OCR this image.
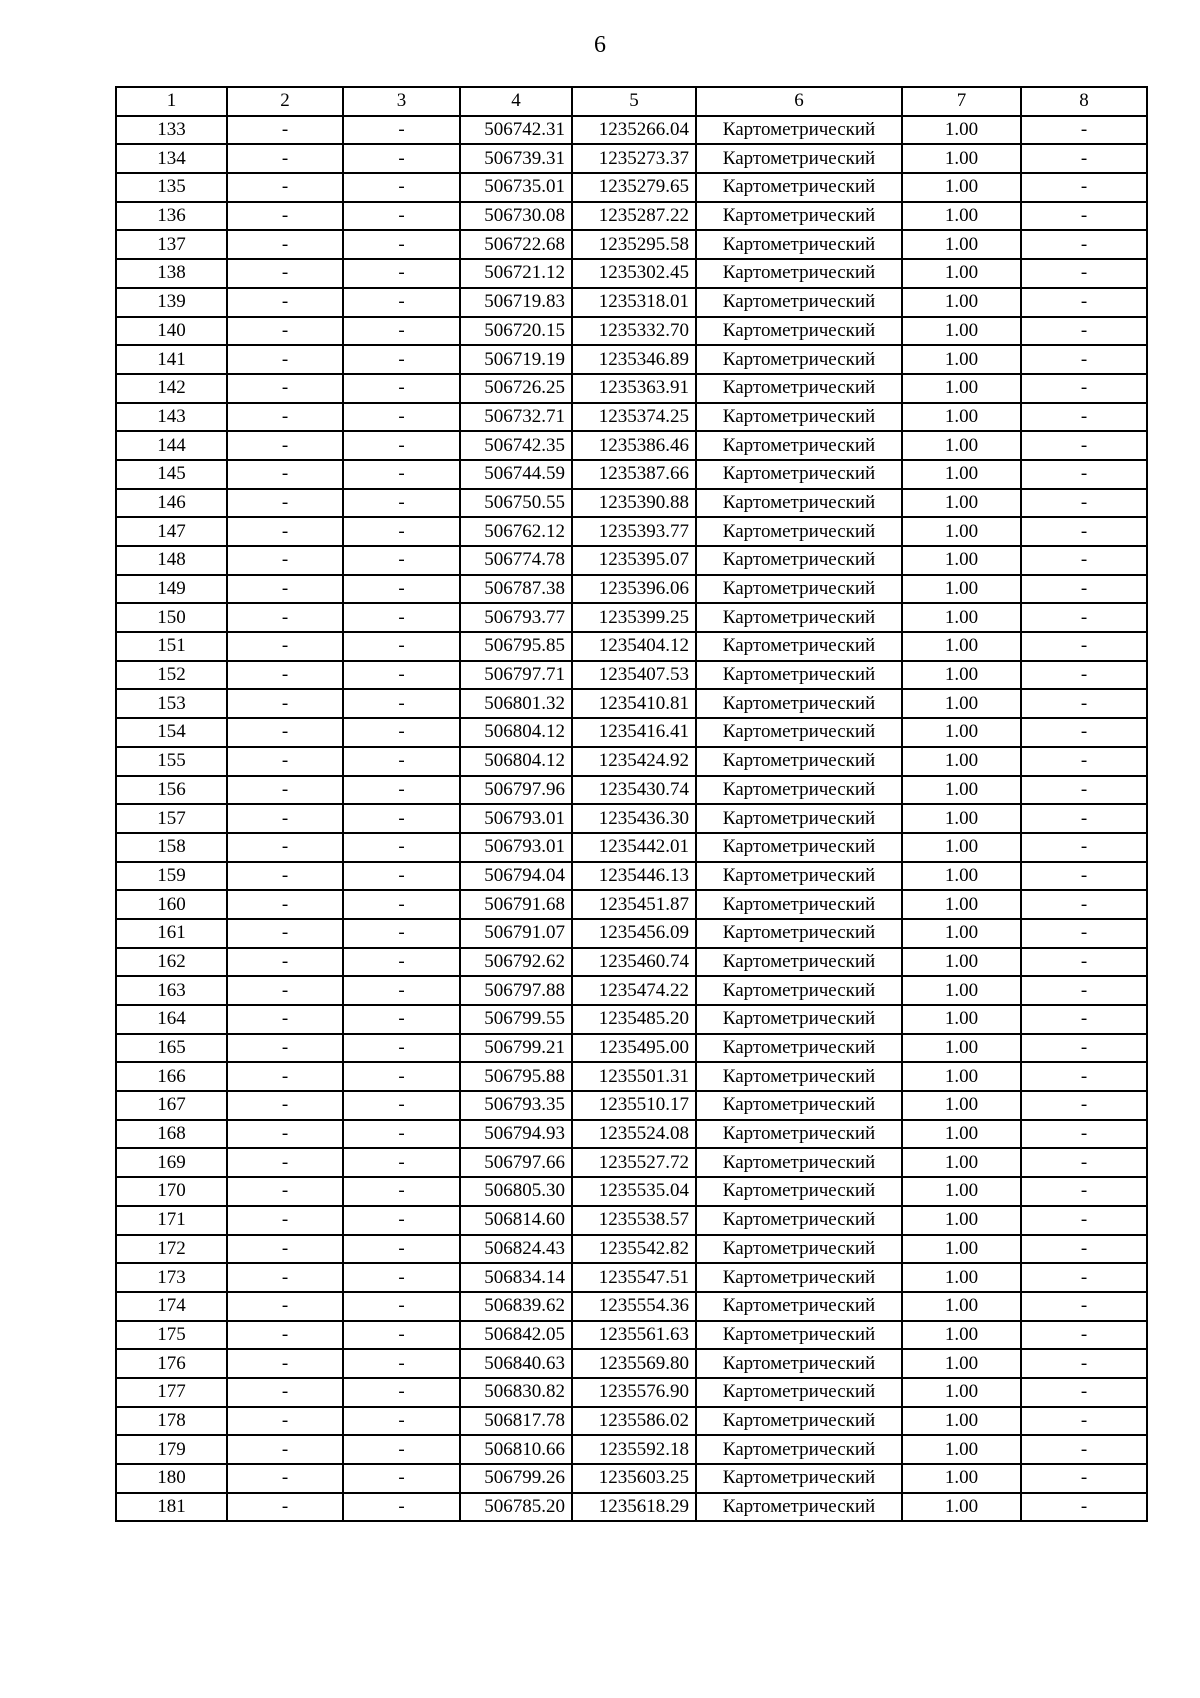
6
1	2	3	4	5	6	7	8
133	-	-	506742.31	1235266.04	Картометрический	1.00	-
134	-	-	506739.31	1235273.37	Картометрический	1.00	-
135	-	-	506735.01	1235279.65	Картометрический	1.00	-
136	-	-	506730.08	1235287.22	Картометрический	1.00	-
137	-	-	506722.68	1235295.58	Картометрический	1.00	-
138	-	-	506721.12	1235302.45	Картометрический	1.00	-
139	-	-	506719.83	1235318.01	Картометрический	1.00	-
140	-	-	506720.15	1235332.70	Картометрический	1.00	-
141	-	-	506719.19	1235346.89	Картометрический	1.00	-
142	-	-	506726.25	1235363.91	Картометрический	1.00	-
143	-	-	506732.71	1235374.25	Картометрический	1.00	-
144	-	-	506742.35	1235386.46	Картометрический	1.00	-
145	-	-	506744.59	1235387.66	Картометрический	1.00	-
146	-	-	506750.55	1235390.88	Картометрический	1.00	-
147	-	-	506762.12	1235393.77	Картометрический	1.00	-
148	-	-	506774.78	1235395.07	Картометрический	1.00	-
149	-	-	506787.38	1235396.06	Картометрический	1.00	-
150	-	-	506793.77	1235399.25	Картометрический	1.00	-
151	-	-	506795.85	1235404.12	Картометрический	1.00	-
152	-	-	506797.71	1235407.53	Картометрический	1.00	-
153	-	-	506801.32	1235410.81	Картометрический	1.00	-
154	-	-	506804.12	1235416.41	Картометрический	1.00	-
155	-	-	506804.12	1235424.92	Картометрический	1.00	-
156	-	-	506797.96	1235430.74	Картометрический	1.00	-
157	-	-	506793.01	1235436.30	Картометрический	1.00	-
158	-	-	506793.01	1235442.01	Картометрический	1.00	-
159	-	-	506794.04	1235446.13	Картометрический	1.00	-
160	-	-	506791.68	1235451.87	Картометрический	1.00	-
161	-	-	506791.07	1235456.09	Картометрический	1.00	-
162	-	-	506792.62	1235460.74	Картометрический	1.00	-
163	-	-	506797.88	1235474.22	Картометрический	1.00	-
164	-	-	506799.55	1235485.20	Картометрический	1.00	-
165	-	-	506799.21	1235495.00	Картометрический	1.00	-
166	-	-	506795.88	1235501.31	Картометрический	1.00	-
167	-	-	506793.35	1235510.17	Картометрический	1.00	-
168	-	-	506794.93	1235524.08	Картометрический	1.00	-
169	-	-	506797.66	1235527.72	Картометрический	1.00	-
170	-	-	506805.30	1235535.04	Картометрический	1.00	-
171	-	-	506814.60	1235538.57	Картометрический	1.00	-
172	-	-	506824.43	1235542.82	Картометрический	1.00	-
173	-	-	506834.14	1235547.51	Картометрический	1.00	-
174	-	-	506839.62	1235554.36	Картометрический	1.00	-
175	-	-	506842.05	1235561.63	Картометрический	1.00	-
176	-	-	506840.63	1235569.80	Картометрический	1.00	-
177	-	-	506830.82	1235576.90	Картометрический	1.00	-
178	-	-	506817.78	1235586.02	Картометрический	1.00	-
179	-	-	506810.66	1235592.18	Картометрический	1.00	-
180	-	-	506799.26	1235603.25	Картометрический	1.00	-
181	-	-	506785.20	1235618.29	Картометрический	1.00	-
